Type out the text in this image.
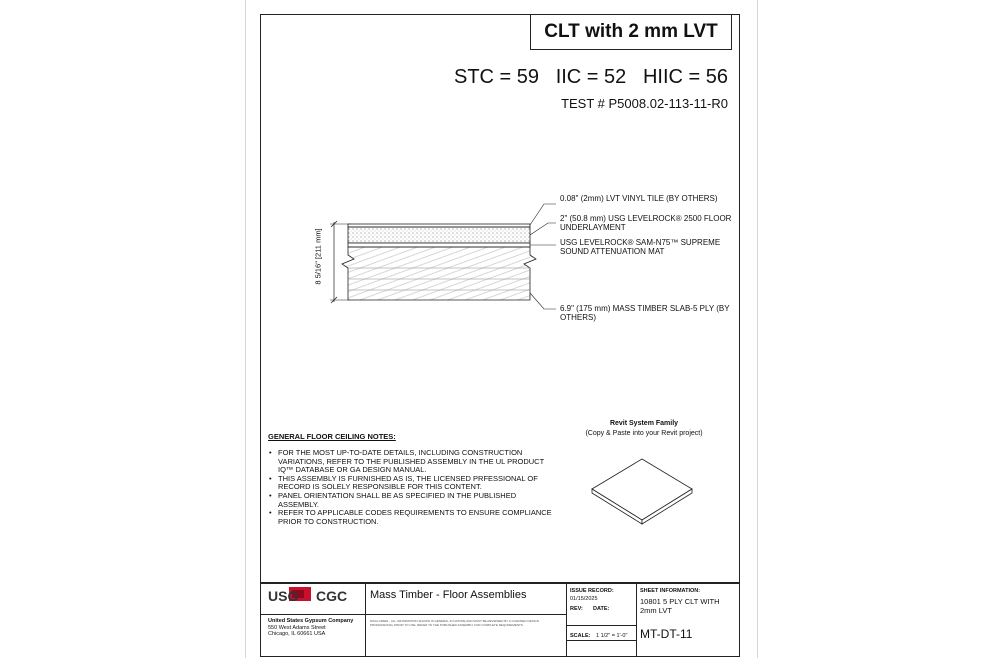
CLT with 2 mm LVT
STC = 59   IIC = 52   HIIC = 56
TEST # P5008.02-113-11-R0
8 5/16" [211 mm]
0.08" (2mm) LVT VINYL TILE (BY OTHERS)
2" (50.8 mm) USG LEVELROCK® 2500 FLOOR
UNDERLAYMENT
USG LEVELROCK® SAM-N75™ SUPREME
SOUND ATTENUATION MAT
6.9" (175 mm) MASS TIMBER SLAB-5 PLY (BY
OTHERS)
GENERAL FLOOR CEILING NOTES:
• FOR THE MOST UP-TO-DATE DETAILS, INCLUDING CONSTRUCTION VARIATIONS, REFER TO THE PUBLISHED ASSEMBLY IN THE UL PRODUCT IQ™ DATABASE OR GA DESIGN MANUAL.
• THIS ASSEMBLY IS FURNISHED AS IS, THE LICENSED PRFESSIONAL OF RECORD IS SOLELY RESPONSIBLE FOR THIS CONTENT.
• PANEL ORIENTATION SHALL BE AS SPECIFIED IN THE PUBLISHED ASSEMBLY.
• REFER TO APPLICABLE CODES REQUIREMENTS TO ENSURE COMPLIANCE PRIOR TO CONSTRUCTION.
Revit System Family
(Copy & Paste into your Revit project)
USG CGC
United States Gypsum Company
550 West Adams Street
Chicago, IL 60661 USA
Mass Timber - Floor Assemblies
DISCLAIMER - ALL INFORMATION SHOWN IS GENERAL IN NATURE AND MUST BE REVIEWED BY A LICENSED DESIGN PROFESSIONAL PRIOR TO USE. REFER TO THE PUBLISHED ASSEMBLY FOR COMPLETE REQUIREMENTS.
ISSUE RECORD:
01/15/2025
REV: DATE:
SCALE: 1 1/2" = 1'-0"
SHEET INFORMATION:
10801 5 PLY CLT WITH 2mm LVT
MT-DT-11
